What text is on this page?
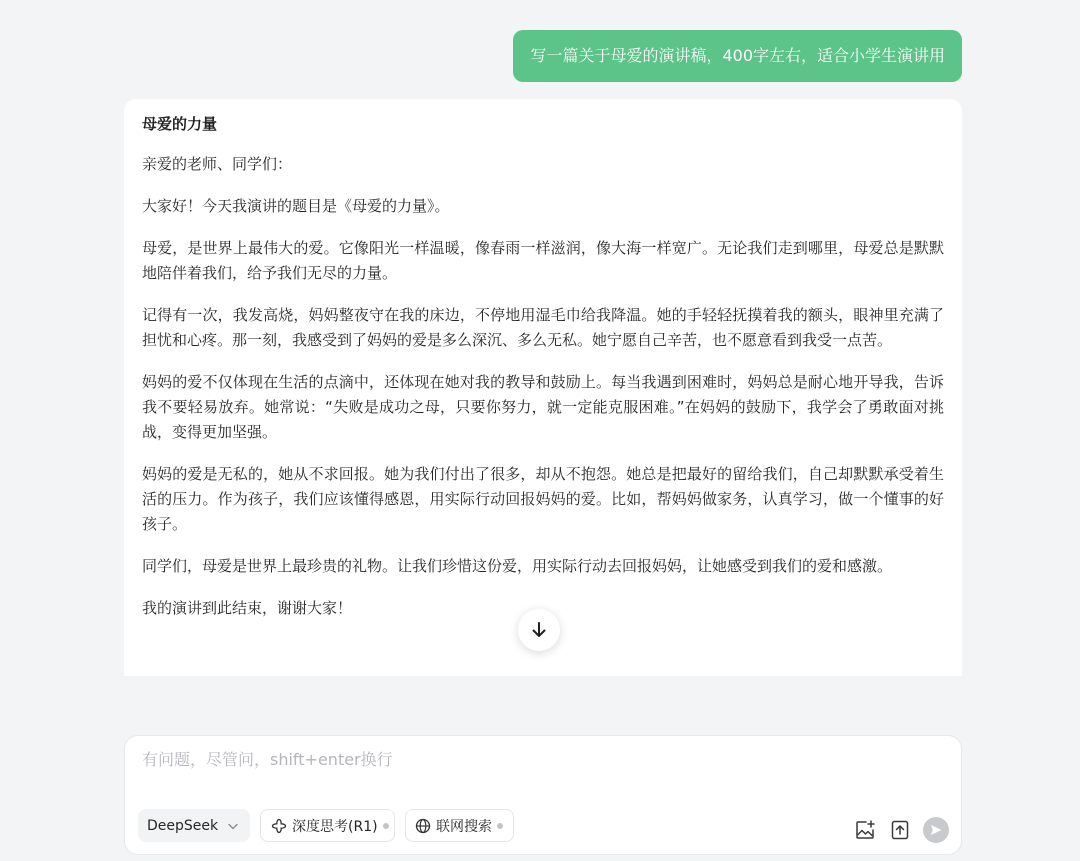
写一篇关于母爱的演讲稿，400字左右，适合小学生演讲用
母爱的力量

亲爱的老师、同学们：

大家好！今天我演讲的题目是《母爱的力量》。

母爱，是世界上最伟大的爱。它像阳光一样温暖，像春雨一样滋润，像大海一样宽广。无论我们走到哪里，母爱总是默默地陪伴着我们，给予我们无尽的力量。

记得有一次，我发高烧，妈妈整夜守在我的床边，不停地用湿毛巾给我降温。她的手轻轻抚摸着我的额头，眼神里充满了担忧和心疼。那一刻，我感受到了妈妈的爱是多么深沉、多么无私。她宁愿自己辛苦，也不愿意看到我受一点苦。

妈妈的爱不仅体现在生活的点滴中，还体现在她对我的教导和鼓励上。每当我遇到困难时，妈妈总是耐心地开导我，告诉我不要轻易放弃。她常说：“失败是成功之母，只要你努力，就一定能克服困难。”在妈妈的鼓励下，我学会了勇敢面对挑战，变得更加坚强。

妈妈的爱是无私的，她从不求回报。她为我们付出了很多，却从不抱怨。她总是把最好的留给我们，自己却默默承受着生活的压力。作为孩子，我们应该懂得感恩，用实际行动回报妈妈的爱。比如，帮妈妈做家务，认真学习，做一个懂事的好孩子。

同学们，母爱是世界上最珍贵的礼物。让我们珍惜这份爱，用实际行动去回报妈妈，让她感受到我们的爱和感激。

我的演讲到此结束，谢谢大家！

有问题，尽管问，shift+enter换行
DeepSeek	深度思考(R1)	联网搜索
